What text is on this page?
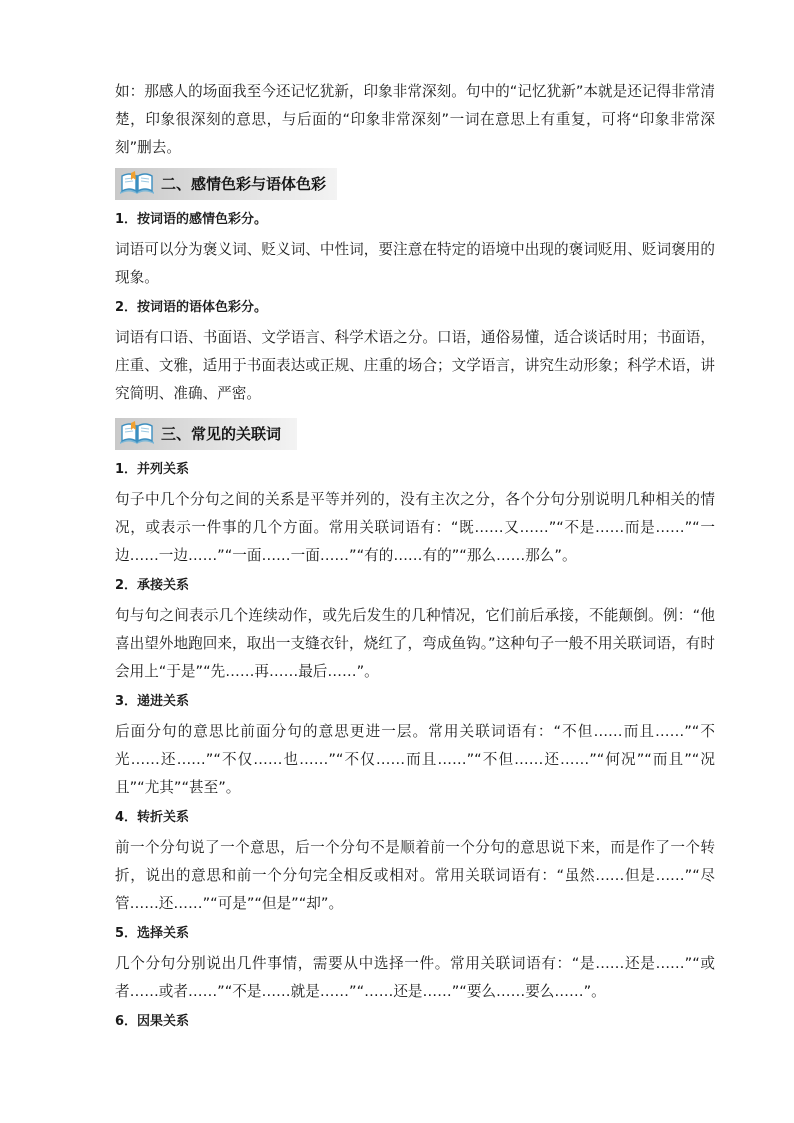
如：那感人的场面我至今还记忆犹新，印象非常深刻。句中的“记忆犹新”本就是还记得非常清楚，印象很深刻的意思，与后面的“印象非常深刻”一词在意思上有重复，可将“印象非常深刻”删去。

二、感情色彩与语体色彩

1．按词语的感情色彩分。

词语可以分为褒义词、贬义词、中性词，要注意在特定的语境中出现的褒词贬用、贬词褒用的现象。

2．按词语的语体色彩分。

词语有口语、书面语、文学语言、科学术语之分。口语，通俗易懂，适合谈话时用；书面语，庄重、文雅，适用于书面表达或正规、庄重的场合；文学语言，讲究生动形象；科学术语，讲究简明、准确、严密。

三、常见的关联词

1．并列关系

句子中几个分句之间的关系是平等并列的，没有主次之分，各个分句分别说明几种相关的情况，或表示一件事的几个方面。常用关联词语有：“既……又……”“不是……而是……”“一边……一边……”“一面……一面……”“有的……有的”“那么……那么”。

2．承接关系

句与句之间表示几个连续动作，或先后发生的几种情况，它们前后承接，不能颠倒。例：“他喜出望外地跑回来，取出一支缝衣针，烧红了，弯成鱼钩。”这种句子一般不用关联词语，有时会用上“于是”“先……再……最后……”。

3．递进关系

后面分句的意思比前面分句的意思更进一层。常用关联词语有：“不但……而且……”“不光……还……”“不仅……也……”“不仅……而且……”“不但……还……”“何况”“而且”“况且”“尤其”“甚至”。

4．转折关系

前一个分句说了一个意思，后一个分句不是顺着前一个分句的意思说下来，而是作了一个转折，说出的意思和前一个分句完全相反或相对。常用关联词语有：“虽然……但是……”“尽管……还……”“可是”“但是”“却”。

5．选择关系

几个分句分别说出几件事情，需要从中选择一件。常用关联词语有：“是……还是……”“或者……或者……”“不是……就是……”“……还是……”“要么……要么……”。

6．因果关系
